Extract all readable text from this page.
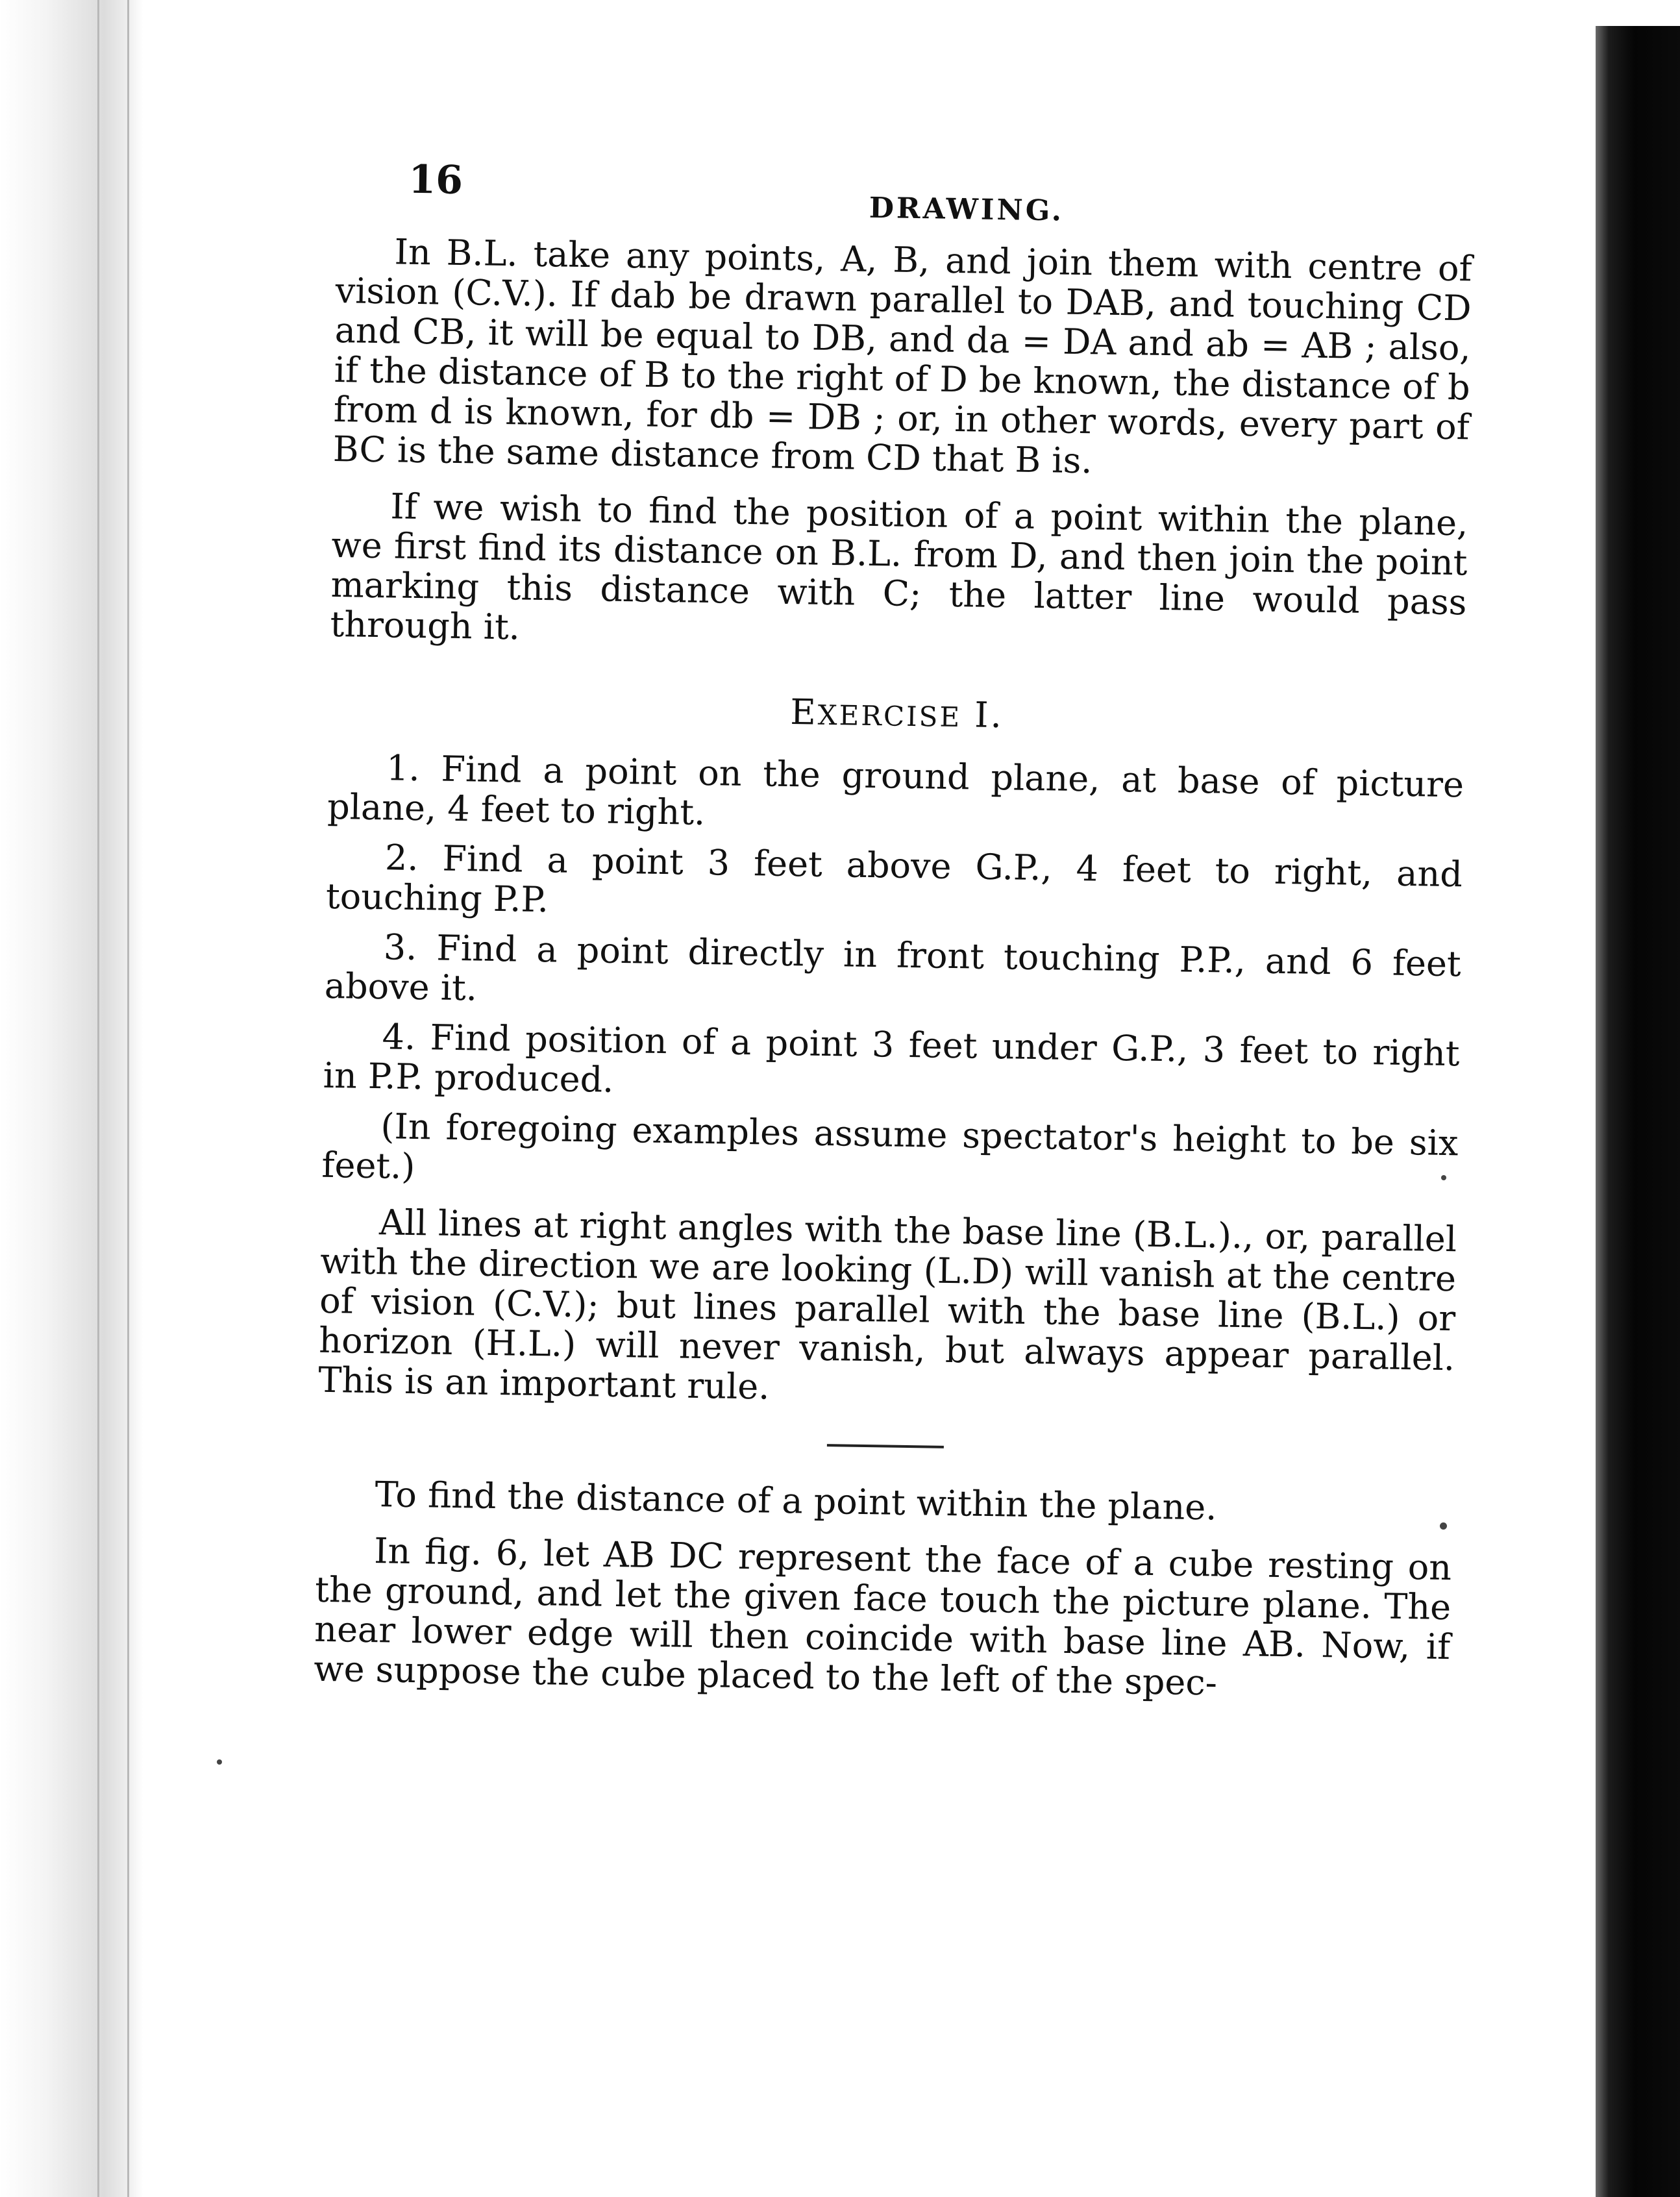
16
DRAWING.

In B.L. take any points, A, B, and join them with centre of vision (C.V.). If dab be drawn parallel to DAB, and touching CD and CB, it will be equal to DB, and da = DA and ab = AB ; also, if the distance of B to the right of D be known, the distance of b from d is known, for db = DB ; or, in other words, every part of BC is the same distance from CD that B is.

If we wish to find the position of a point within the plane, we first find its distance on B.L. from D, and then join the point marking this distance with C; the latter line would pass through it.

EXERCISE I.

1. Find a point on the ground plane, at base of picture plane, 4 feet to right.

2. Find a point 3 feet above G.P., 4 feet to right, and touching P.P.

3. Find a point directly in front touching P.P., and 6 feet above it.

4. Find position of a point 3 feet under G.P., 3 feet to right in P.P. produced.

(In foregoing examples assume spectator's height to be six feet.)

All lines at right angles with the base line (B.L.)., or, parallel with the direction we are looking (L.D) will vanish at the centre of vision (C.V.); but lines parallel with the base line (B.L.) or horizon (H.L.) will never vanish, but always appear parallel. This is an important rule.

To find the distance of a point within the plane.

In fig. 6, let AB DC represent the face of a cube resting on the ground, and let the given face touch the picture plane. The near lower edge will then coincide with base line AB. Now, if we suppose the cube placed to the left of the spec-
